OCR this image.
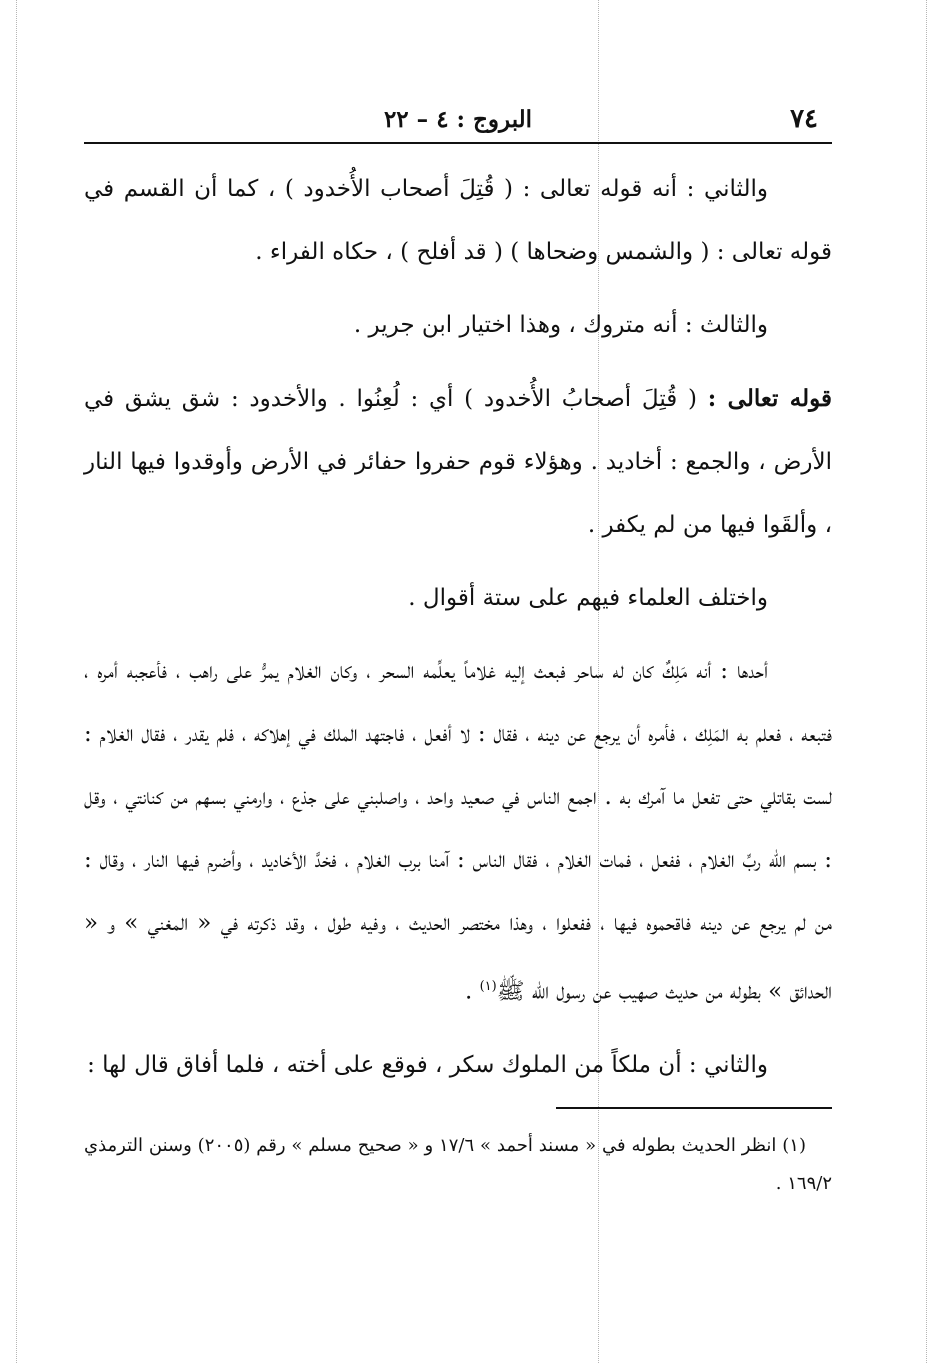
٧٤
البروج : ٤ – ٢٢

والثاني : أنه قوله تعالى : ( قُتِلَ أصحاب الأُخدود ) ، كما أن القسم في قوله تعالى : ( والشمس وضحاها ) ( قد أفلح ) ، حكاه الفراء .

والثالث : أنه متروك ، وهذا اختيار ابن جرير .

قوله تعالى : ( قُتِلَ أصحابُ الأُخدود ) أي : لُعِنُوا . والأخدود : شق يشق في الأرض ، والجمع : أخاديد . وهؤلاء قوم حفروا حفائر في الأرض وأوقدوا فيها النار ، وألقَوا فيها من لم يكفر .

واختلف العلماء فيهم على ستة أقوال .

أحدها : أنه مَلِكٌ كان له ساحر فبعث إليه غلاماً يعلِّمه السحر ، وكان الغلام يمرُّ على راهب ، فأعجبه أمره ، فتبعه ، فعلم به المَلِك ، فأمره أن يرجع عن دينه ، فقال : لا أفعل ، فاجتهد الملك في إهلاكه ، فلم يقدر ، فقال الغلام : لست بقاتلي حتى تفعل ما آمرك به . اجمع الناس في صعيد واحد ، واصلبني على جذع ، وارمني بسهم من كنانتي ، وقل : بسم الله ربِّ الغلام ، ففعل ، فمات الغلام ، فقال الناس : آمنا برب الغلام ، فخدَّ الأخاديد ، وأضرم فيها النار ، وقال : من لم يرجع عن دينه فاقحموه فيها ، ففعلوا ، وهذا مختصر الحديث ، وفيه طول ، وقد ذكرته في « المغني » و « الحدائق » بطوله من حديث صهيب عن رسول الله ﷺ$^{(١)}$ .

والثاني : أن ملكاً من الملوك سكر ، فوقع على أخته ، فلما أفاق قال لها :

(١) انظر الحديث بطوله في « مسند أحمد » ١٧/٦ و « صحيح مسلم » رقم (٢٠٠٥) وسنن الترمذي ١٦٩/٢ .
